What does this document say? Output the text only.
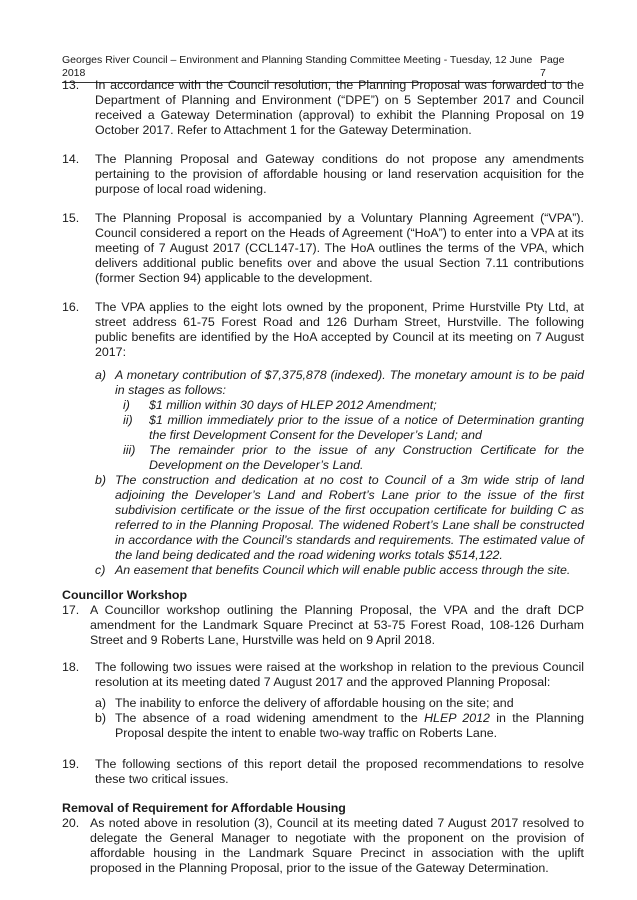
Georges River Council – Environment and Planning Standing Committee Meeting - Tuesday, 12 June 2018
Page 7
13.	In accordance with the Council resolution, the Planning Proposal was forwarded to the Department of Planning and Environment (“DPE”) on 5 September 2017 and Council received a Gateway Determination (approval) to exhibit the Planning Proposal on 19 October 2017. Refer to Attachment 1 for the Gateway Determination.
14.	The Planning Proposal and Gateway conditions do not propose any amendments pertaining to the provision of affordable housing or land reservation acquisition for the purpose of local road widening.
15.	The Planning Proposal is accompanied by a Voluntary Planning Agreement (“VPA”). Council considered a report on the Heads of Agreement (“HoA”) to enter into a VPA at its meeting of 7 August 2017 (CCL147-17). The HoA outlines the terms of the VPA, which delivers additional public benefits over and above the usual Section 7.11 contributions (former Section 94) applicable to the development.
16.	The VPA applies to the eight lots owned by the proponent, Prime Hurstville Pty Ltd, at street address 61-75 Forest Road and 126 Durham Street, Hurstville. The following public benefits are identified by the HoA accepted by Council at its meeting on 7 August 2017:
a) A monetary contribution of $7,375,878 (indexed). The monetary amount is to be paid in stages as follows:
i)	$1 million within 30 days of HLEP 2012 Amendment;
ii)	$1 million immediately prior to the issue of a notice of Determination granting the first Development Consent for the Developer’s Land; and
iii)	The remainder prior to the issue of any Construction Certificate for the Development on the Developer’s Land.
b) The construction and dedication at no cost to Council of a 3m wide strip of land adjoining the Developer’s Land and Robert’s Lane prior to the issue of the first subdivision certificate or the issue of the first occupation certificate for building C as referred to in the Planning Proposal. The widened Robert’s Lane shall be constructed in accordance with the Council’s standards and requirements. The estimated value of the land being dedicated and the road widening works totals $514,122.
c) An easement that benefits Council which will enable public access through the site.
Councillor Workshop
17. A Councillor workshop outlining the Planning Proposal, the VPA and the draft DCP amendment for the Landmark Square Precinct at 53-75 Forest Road, 108-126 Durham Street and 9 Roberts Lane, Hurstville was held on 9 April 2018.
18.	The following two issues were raised at the workshop in relation to the previous Council resolution at its meeting dated 7 August 2017 and the approved Planning Proposal:
a) The inability to enforce the delivery of affordable housing on the site; and
b) The absence of a road widening amendment to the HLEP 2012 in the Planning Proposal despite the intent to enable two-way traffic on Roberts Lane.
19.	The following sections of this report detail the proposed recommendations to resolve these two critical issues.
Removal of Requirement for Affordable Housing
20. As noted above in resolution (3), Council at its meeting dated 7 August 2017 resolved to delegate the General Manager to negotiate with the proponent on the provision of affordable housing in the Landmark Square Precinct in association with the uplift proposed in the Planning Proposal, prior to the issue of the Gateway Determination.
